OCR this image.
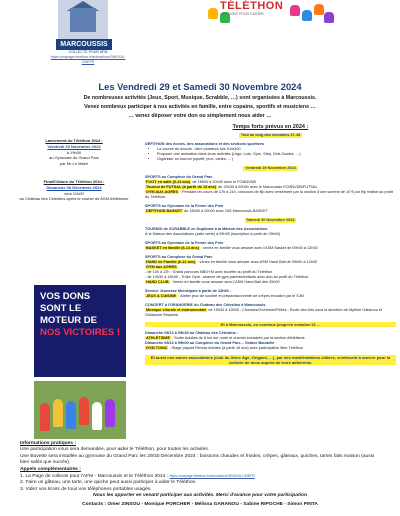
MARCOUSSIS
COLLECTE POUR AFM
https://mapage.telethon.fr/animations/3INSOU-CMEFR
TÉLÉTHON
INNOVER POUR GUÉRIR
Les Vendredi 29 et Samedi 30 Novembre 2024
De nombreuses activités (Jeux, Sport, Musique, Scrabble, …) sont organisées à Marcoussis.
Venez nombreux participer à nos activités en famille, entre copains, sportifs et musiciens …
… venez déposer votre don ou simplement nous aider …
Lancement du Téléthon 2024 :
Vendredi 29 Novembre 2024
à 19h30
au Gymnase du Grand Parc
par Mr Le Maire
Final/Clôture du Téléthon 2024 :
Dimanche 08 Décembre 2024
vers 11h00
au Château des Célestins après le course de ASM Athlétisme
VOS DONS
SONT LE
MOTEUR DE
NOS VICTOIRES !
Temps forts prévus en 2024 :
Tout au long des semaines 47-48
DEFITHON des écoles, des associations et des sections sportives
• La course du muscle : faire plusieurs fois 91m400
• Proposer une animation dans leurs activités (Lego, Loto, Gym, Step, Kids Zumba, …)
• Organiser un tournoi (sportif, jeux, cartes, …)
Vendredi 29 Novembre 2024
SPORTS au Complexe du Grand Parc
FOOT en salle (6-13 ans) de 18h00 à 20h30 avec le FCMNVDB
Tournoi de FUTSAL (à partir de 13 ans) de 20h30 à 02h00 avec le Marcoussis FCMNVDB/FUTSAL
GYM AUX AGRES : Pendant les cours de 17h à 21h, concours de flip avec versement par la section d'une somme de 10 € par flip réalisé au profit du Téléthon.
SPORTS au Gymnase de la Ferme des Prés
DEFITHON BASKET de 18h00 à 02h00 avec l'AS Marcoussis BASKET
Samedi 30 Novembre 2024
TOURNOI de SCRABBLE en Duplicate à la Maison des Associations
À la Maison des Associations (salle verte) à 09h30 (inscription à partir de 09h00)
SPORTS au Gymnase de la Ferme des Prés
BASKET en famille (6-14 ans) : venez en famille vous amuser avec l'ASM Basket de 09h00 à 12h30
SPORTS au Complexe du Grand Parc
HAND en Famille (6-12 ans) : venez en famille vous amuser avec ASM Hand Ball de 09h00 à 12h30
GYM aux AGRES
- de 10h à 12h : Grand parcours BBGYM avec buvette au profit du Téléthon
- de 14h30 à 18h30 - Trübz Gym : séance de gym parents/enfants avec don au profit du Téléthon.
HAND CLUB : Venez en famille vous amuser avec l'ASM Hand Ball dès 20h00
Service Jeunesse Municipale à partir de 13h00 :
JEUX & CUISINE : Atelier jeux de société et préparation/vente de crêpes encadré par le SJM
CONCERT à l'ORANGERIE du Château des Célestins à Marcoussis
Musique chorale et instrumentale de 15h30 à 19h00 : Chorales/Orchestre/Flûtes - École des Arts sous la direction de Mylène Gabanou et Guillaume Reauline.
Et à Marcoussis, en continue jusqu'en semaine 51 ...
Dimanche 08/12 à 09h30 au Château des Célestins :
ATHLÉTISME : Sortie Adultes de 8 km sur route et chemin encadrée par la section Athlétisme
Dimanche 08/12 à 09h00 au Complexe du Grand Parc – Octave Baudelle
GYM TONIC : Stage payant Fitness Adultes (à partir 16 ans) avec participation libre Téléthon
Et aussi nos autres associations (club du 3ème Âge, Origami, …), par des manifestations ciblées, continuent à œuvrer pour la collecte de dons auprès de leurs adhérents.
Informations pratiques :
Une participation vous sera demandée, pour aider le Téléthon, pour toutes les activités.
Une Buvette sera installée au gymnase du Grand Parc les 29/30 Décembre 2024 : boissons chaudes et froides, crêpes, gâteaux, quiches, tartes faits maison (aussi bien salés que sucrés).
Appels complémentaires :
1. La Page de collecte pour l'AFM - Marcoussis et le Téléthon 2024 : https://mapage.telethon.fr/animations/3INSOU-CMEFR
2. Faire un gâteau, une tarte, une quiche peut aussi participer à aider le Téléthon.
3. Videz vos tiroirs de tous vos téléphones portables usagés.
Nous les apporter en venant participer aux activités. Merci d'avance pour votre participation
Contacts : Omer ZINSOU - Monique PORCHER - Mélissa GARANOU - Sabine RIPOCHE - Simon PINTA
